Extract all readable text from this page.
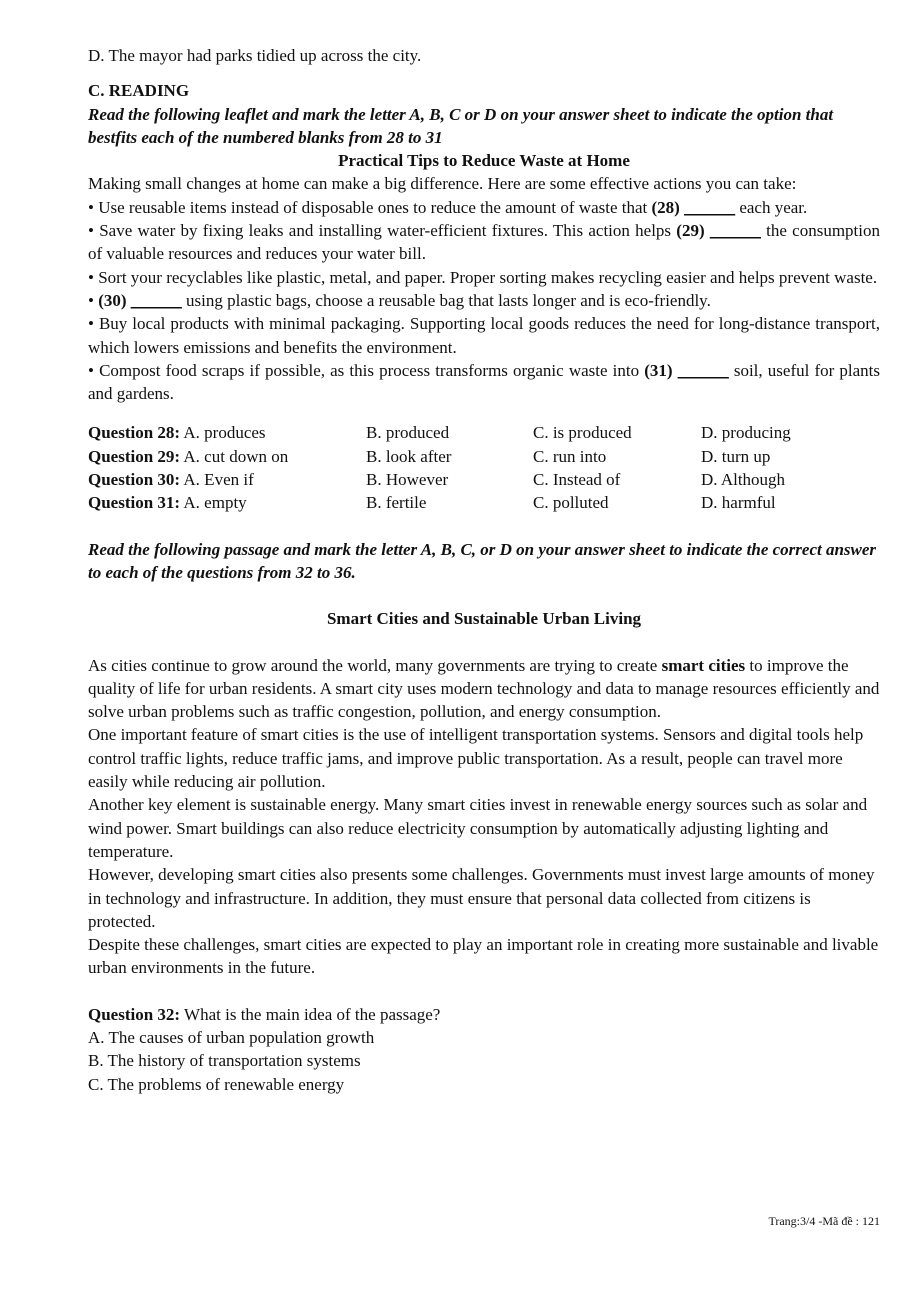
D. The mayor had parks tidied up across the city.

C. READING

Read the following leaflet and mark the letter A, B, C or D on your answer sheet to indicate the option that bestfits each of the numbered blanks from 28 to 31

Practical Tips to Reduce Waste at Home

Making small changes at home can make a big difference. Here are some effective actions you can take:

• Use reusable items instead of disposable ones to reduce the amount of waste that (28) ______ each year.

• Save water by fixing leaks and installing water-efficient fixtures. This action helps (29) ______ the consumption of valuable resources and reduces your water bill.

• Sort your recyclables like plastic, metal, and paper. Proper sorting makes recycling easier and helps prevent waste.

• (30) ______ using plastic bags, choose a reusable bag that lasts longer and is eco-friendly.

• Buy local products with minimal packaging. Supporting local goods reduces the need for long-distance transport, which lowers emissions and benefits the environment.

• Compost food scraps if possible, as this process transforms organic waste into (31) ______ soil, useful for plants and gardens.

Question 28: A. produces	B. produced	C. is produced	D. producing
Question 29: A. cut down on	B. look after	C. run into	D. turn up
Question 30: A. Even if	B. However	C. Instead of	D. Although
Question 31: A. empty	B. fertile	C. polluted	D. harmful

Read the following passage and mark the letter A, B, C, or D on your answer sheet to indicate the correct answer to each of the questions from 32 to 36.

Smart Cities and Sustainable Urban Living

As cities continue to grow around the world, many governments are trying to create smart cities to improve the quality of life for urban residents. A smart city uses modern technology and data to manage resources efficiently and solve urban problems such as traffic congestion, pollution, and energy consumption.

One important feature of smart cities is the use of intelligent transportation systems. Sensors and digital tools help control traffic lights, reduce traffic jams, and improve public transportation. As a result, people can travel more easily while reducing air pollution.

Another key element is sustainable energy. Many smart cities invest in renewable energy sources such as solar and wind power. Smart buildings can also reduce electricity consumption by automatically adjusting lighting and temperature.

However, developing smart cities also presents some challenges. Governments must invest large amounts of money in technology and infrastructure. In addition, they must ensure that personal data collected from citizens is protected.

Despite these challenges, smart cities are expected to play an important role in creating more sustainable and livable urban environments in the future.

Question 32: What is the main idea of the passage?

A. The causes of urban population growth

B. The history of transportation systems

C. The problems of renewable energy

Trang:3/4 -Mã đề : 121
